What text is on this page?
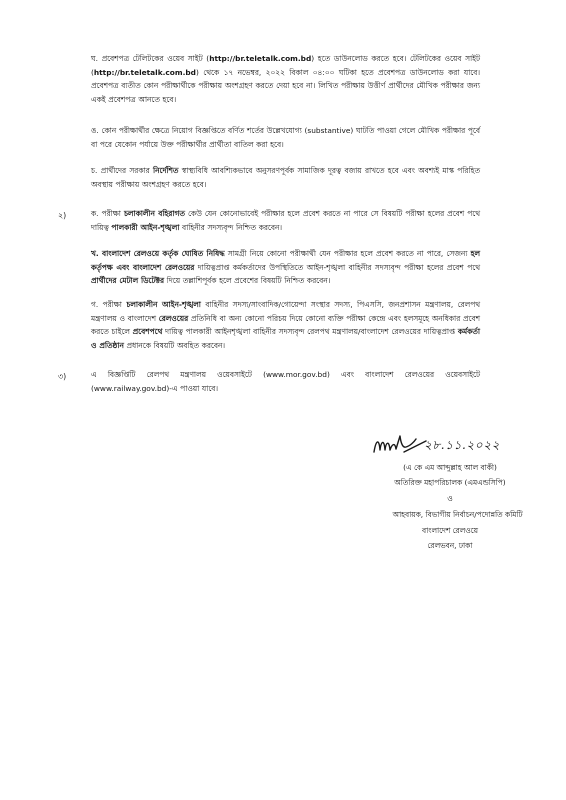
ঘ. প্রবেশপত্র টেলিটকের ওয়েব সাইট (http://br.teletalk.com.bd) হতে ডাউনলোড করতে হবে। টেলিটকের ওয়েব সাইট (http://br.teletalk.com.bd) থেকে ১৭ নভেম্বর, ২০২২ বিকাল ০৪:০০ ঘটিকা হতে প্রবেশপত্র ডাউনলোড করা যাবে। প্রবেশপত্র ব্যতীত কোন পরীক্ষার্থীকে পরীক্ষায় অংশগ্রহণ করতে দেয়া হবে না। লিখিত পরীক্ষায় উত্তীর্ণ প্রার্থীদের মৌখিক পরীক্ষার জন্য একই প্রবেশপত্র আনতে হবে।
ঙ. কোন পরীক্ষার্থীর ক্ষেত্রে নিয়োগ বিজ্ঞপ্তিতে বর্ণিত শর্তের উল্লেখযোগ্য (substantive) ঘাটতি পাওয়া গেলে মৌখিক পরীক্ষার পূর্বে বা পরে যেকোন পর্যায়ে উক্ত পরীক্ষার্থীর প্রার্থীতা বাতিল করা হবে।
চ. প্রার্থীদের সরকার নির্দেশিত স্বাস্থ্যবিধি আবশ্যিকভাবে অনুসরণপূর্বক সামাজিক দূরত্ব বজায় রাখতে হবে এবং অবশ্যই মাস্ক পরিহিত অবস্থায় পরীক্ষায় অংশগ্রহণ করতে হবে।
২)	ক. পরীক্ষা চলাকালীন বহিরাগত কেউ যেন কোনোভাবেই পরীক্ষার হলে প্রবেশ করতে না পারে সে বিষয়টি পরীক্ষা হলের প্রবেশ পথে দায়িত্ব পালকারী আইন-শৃঙ্খলা বাহিনীর সদস্যবৃন্দ নিশ্চিত করবেন।
খ. বাংলাদেশ রেলওয়ে কর্তৃক ঘোষিত নিষিদ্ধ সামগ্রী নিয়ে কোনো পরীক্ষার্থী যেন পরীক্ষার হলে প্রবেশ করতে না পারে, সেজন্য হল কর্তৃপক্ষ এবং বাংলাদেশ রেলওয়ের দায়িত্বপ্রাপ্ত কর্মকর্তাদের উপস্থিতিতে আইন-শৃঙ্খলা বাহিনীর সদস্যবৃন্দ পরীক্ষা হলের প্রবেশ পথে প্রার্থীদের মেটাল ডিটেক্টর দিয়ে তল্লাশিপূর্বক হলে প্রবেশের বিষয়টি নিশ্চিত করবেন।
গ. পরীক্ষা চলাকালীন আইন-শৃঙ্খলা বাহিনীর সদস্য/সাংবাদিক/গোয়েন্দা সংস্থার সদস্য, পিএসসি, জনপ্রশাসন মন্ত্রণালয়, রেলপথ মন্ত্রণালয় ও বাংলাদেশ রেলওয়ের প্রতিনিধি বা অন্য কোনো পরিচয় দিয়ে কোনো ব্যক্তি পরীক্ষা কেন্দ্রে এবং হলসমূহে অনধিকার প্রবেশ করতে চাইলে প্রবেশপথে দায়িত্ব পালকারী আইনশৃঙ্খলা বাহিনীর সদস্যবৃন্দ রেলপথ মন্ত্রণালয়/বাংলাদেশ রেলওয়ের দায়িত্বপ্রাপ্ত কর্মকর্তা ও প্রতিষ্ঠান প্রধানকে বিষয়টি অবহিত করবেন।
৩)	এ বিজ্ঞপ্তিটি রেলপথ মন্ত্রণালয় ওয়েবসাইটে (www.mor.gov.bd) এবং বাংলাদেশ রেলওয়ের ওয়েবসাইটে (www.railway.gov.bd)-এ পাওয়া যাবে।
২৮.১১.২০২২
(এ কে এম আব্দুল্লাহ আল বাকী)
অতিরিক্ত মহাপরিচালক (এমএন্ডসিপি)
ও
আহবায়ক, বিভাগীয় নির্বাচন/পদোন্নতি কমিটি
বাংলাদেশ রেলওয়ে
রেলভবন, ঢাকা
